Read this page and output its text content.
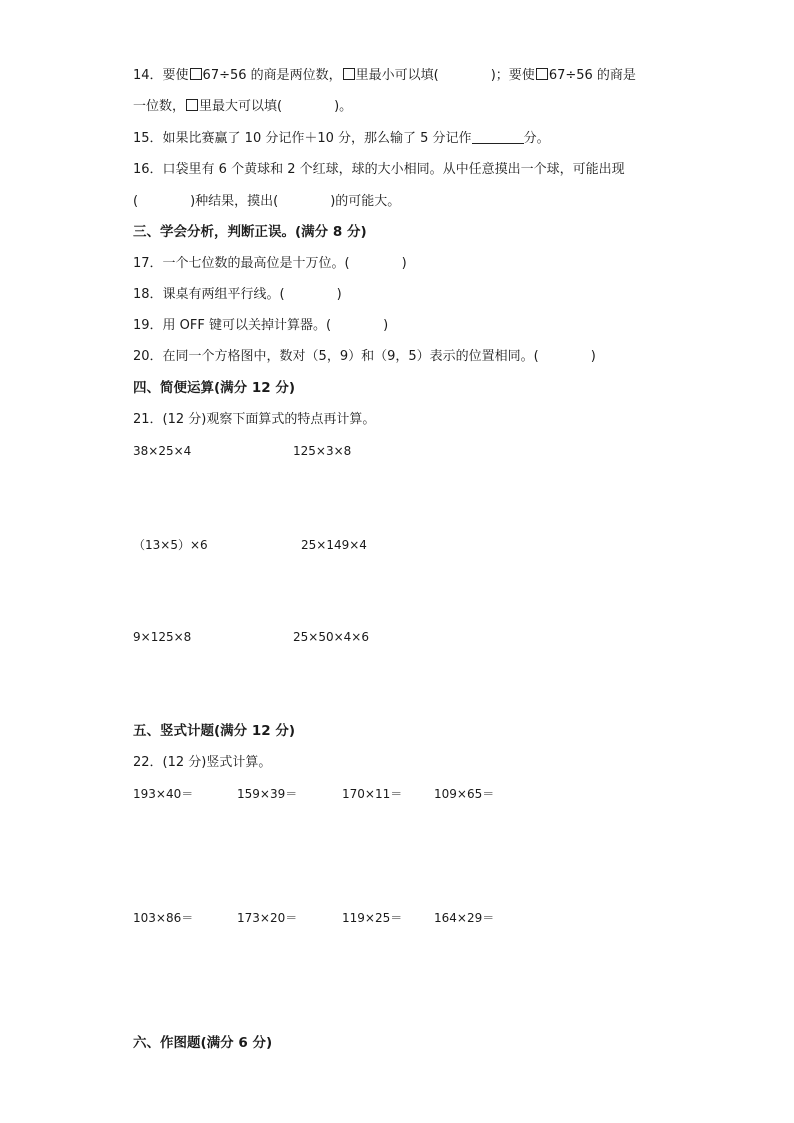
14．要使 67÷56 的商是两位数， 里最小可以填(　　　　)；要使 67÷56 的商是
一位数， 里最大可以填(　　　　)。
15．如果比赛赢了 10 分记作＋10 分，那么输了 5 分记作	分。
16．口袋里有 6 个黄球和 2 个红球，球的大小相同。从中任意摸出一个球，可能出现
(　　　　)种结果，摸出(　　　　)的可能大。
三、学会分析，判断正误。(满分 8 分)
17．一个七位数的最高位是十万位。(　　　　)
18．课桌有两组平行线。(　　　　)
19．用 OFF 键可以关掉计算器。(　　　　)
20．在同一个方格图中，数对（5，9）和（9，5）表示的位置相同。(　　　　)
四、简便运算(满分 12 分)
21．(12 分)观察下面算式的特点再计算。
38×25×4	125×3×8
（13×5）×6	25×149×4
9×125×8	25×50×4×6
五、竖式计题(满分 12 分)
22．(12 分)竖式计算。
193×40＝	159×39＝	170×11＝	109×65＝
103×86＝	173×20＝	119×25＝	164×29＝
六、作图题(满分 6 分)
